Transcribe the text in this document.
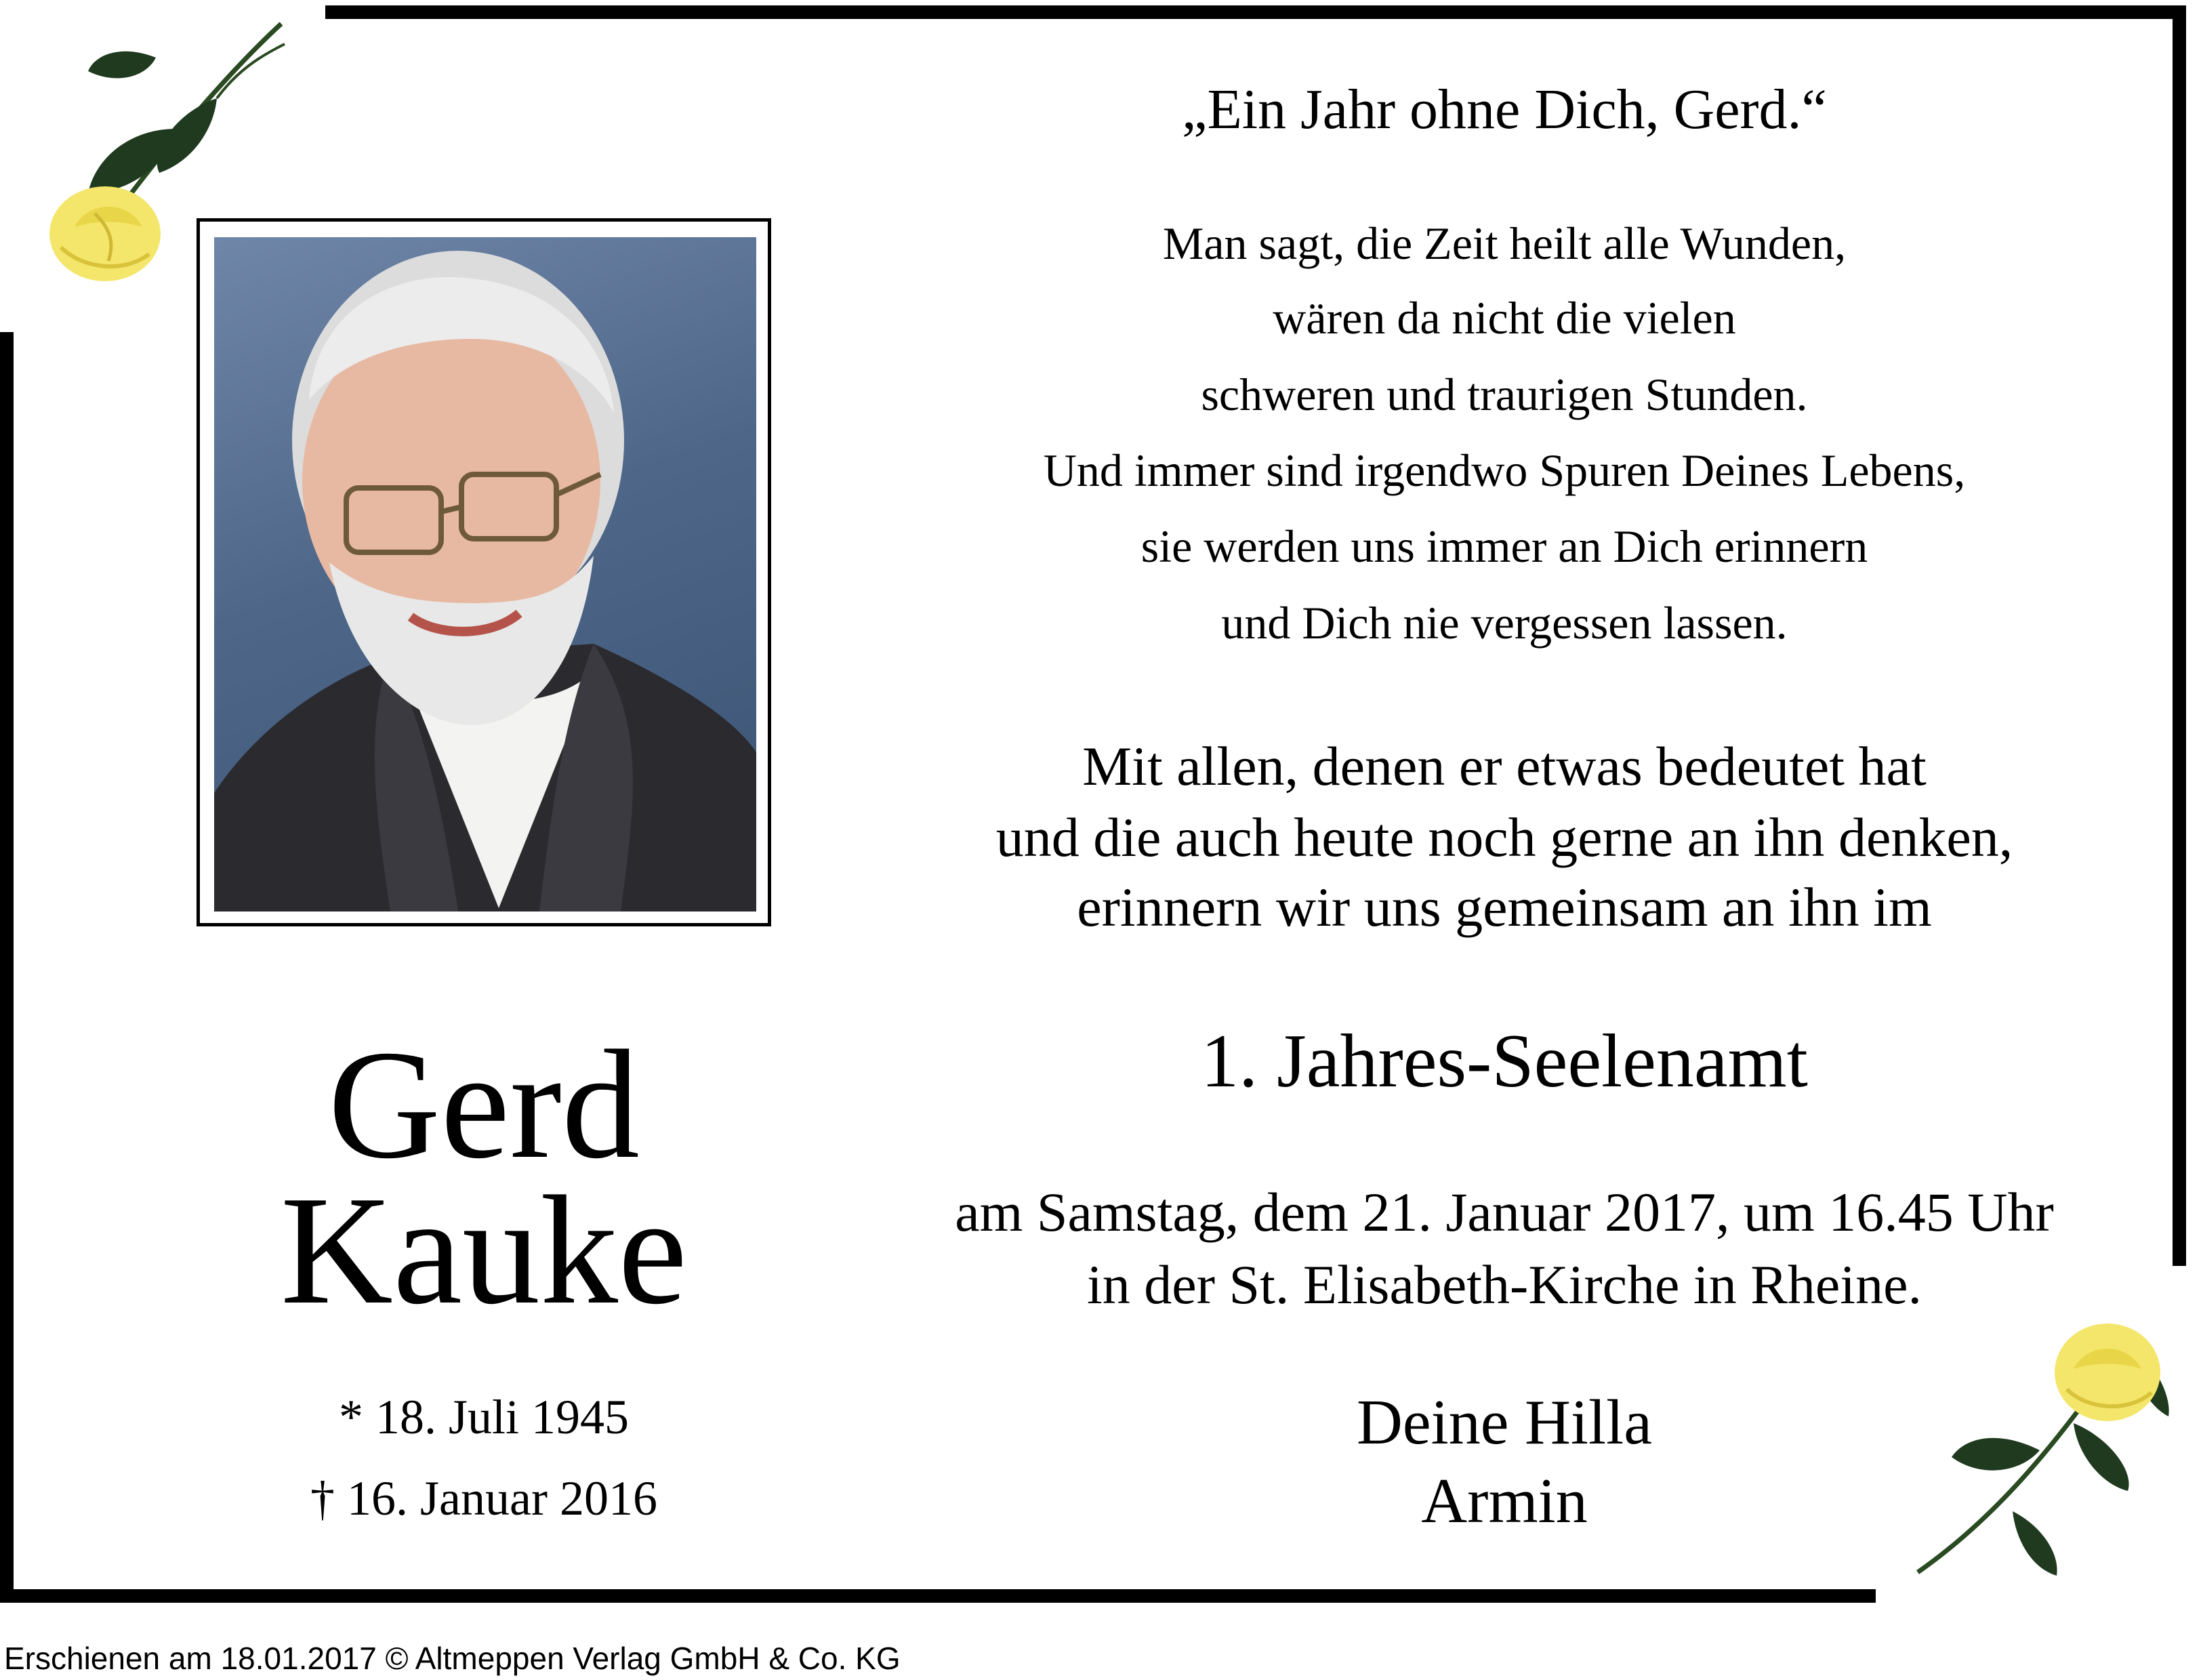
Gerd
Kauke
* 18. Juli 1945
† 16. Januar 2016
„Ein Jahr ohne Dich, Gerd.“
Man sagt, die Zeit heilt alle Wunden,
wären da nicht die vielen
schweren und traurigen Stunden.
Und immer sind irgendwo Spuren Deines Lebens,
sie werden uns immer an Dich erinnern
und Dich nie vergessen lassen.
Mit allen, denen er etwas bedeutet hat
und die auch heute noch gerne an ihn denken,
erinnern wir uns gemeinsam an ihn im
1. Jahres-Seelenamt
am Samstag, dem 21. Januar 2017, um 16.45 Uhr
in der St. Elisabeth-Kirche in Rheine.
Deine Hilla
Armin
Erschienen am 18.01.2017 © Altmeppen Verlag GmbH & Co. KG
